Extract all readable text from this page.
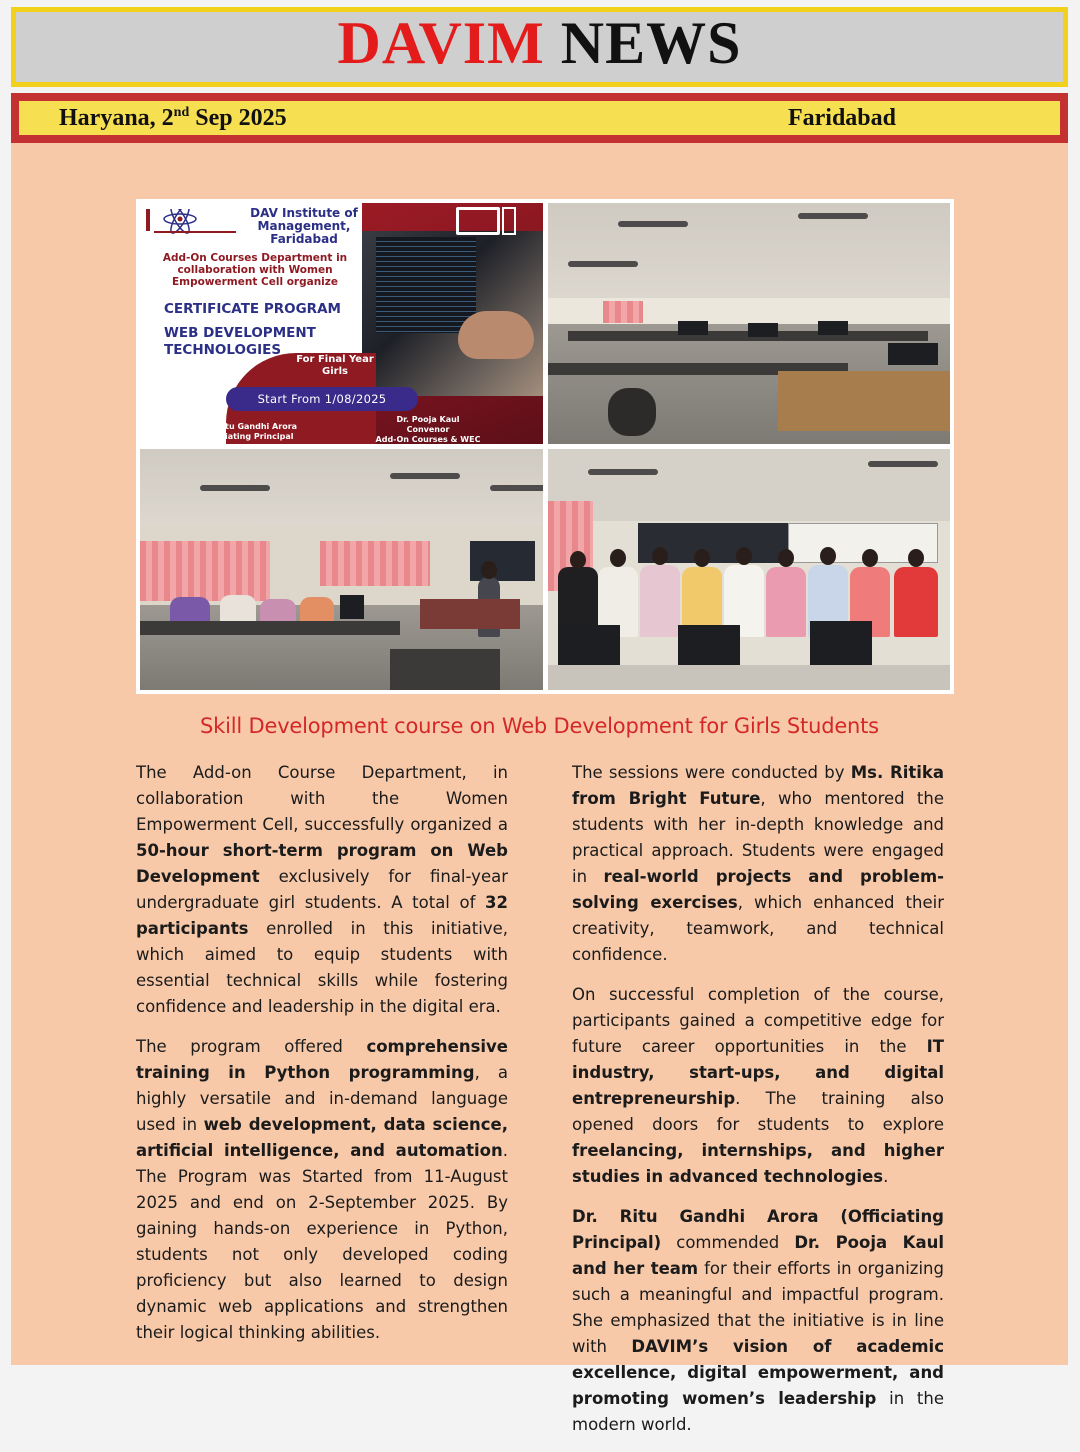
DAVIM NEWS
Haryana, 2nd Sep 2025	Faridabad
DAV Institute of Management, Faridabad
Add-On Courses Department in collaboration with Women Empowerment Cell organize
CERTIFICATE PROGRAM
WEB DEVELOPMENT
TECHNOLOGIES
For Final Year Girls
Start From 1/08/2025
Dr. Ritu Gandhi Arora
Officiating Principal
Dr. Pooja Kaul
Convenor
Add-On Courses & WEC
Skill Development course on Web Development for Girls Students

The Add-on Course Department, in collaboration with the Women Empowerment Cell, successfully organized a 50-hour short-term program on Web Development exclusively for final-year undergraduate girl students. A total of 32 participants enrolled in this initiative, which aimed to equip students with essential technical skills while fostering confidence and leadership in the digital era.

The program offered comprehensive training in Python programming, a highly versatile and in-demand language used in web development, data science, artificial intelligence, and automation. The Program was Started from 11-August 2025 and end on 2-September 2025. By gaining hands-on experience in Python, students not only developed coding proficiency but also learned to design dynamic web applications and strengthen their logical thinking abilities.

The sessions were conducted by Ms. Ritika from Bright Future, who mentored the students with her in-depth knowledge and practical approach. Students were engaged in real-world projects and problem-solving exercises, which enhanced their creativity, teamwork, and technical confidence.

On successful completion of the course, participants gained a competitive edge for future career opportunities in the IT industry, start-ups, and digital entrepreneurship. The training also opened doors for students to explore freelancing, internships, and higher studies in advanced technologies.

Dr. Ritu Gandhi Arora (Officiating Principal) commended Dr. Pooja Kaul and her team for their efforts in organizing such a meaningful and impactful program. She emphasized that the initiative is in line with DAVIM’s vision of academic excellence, digital empowerment, and promoting women’s leadership in the modern world.
